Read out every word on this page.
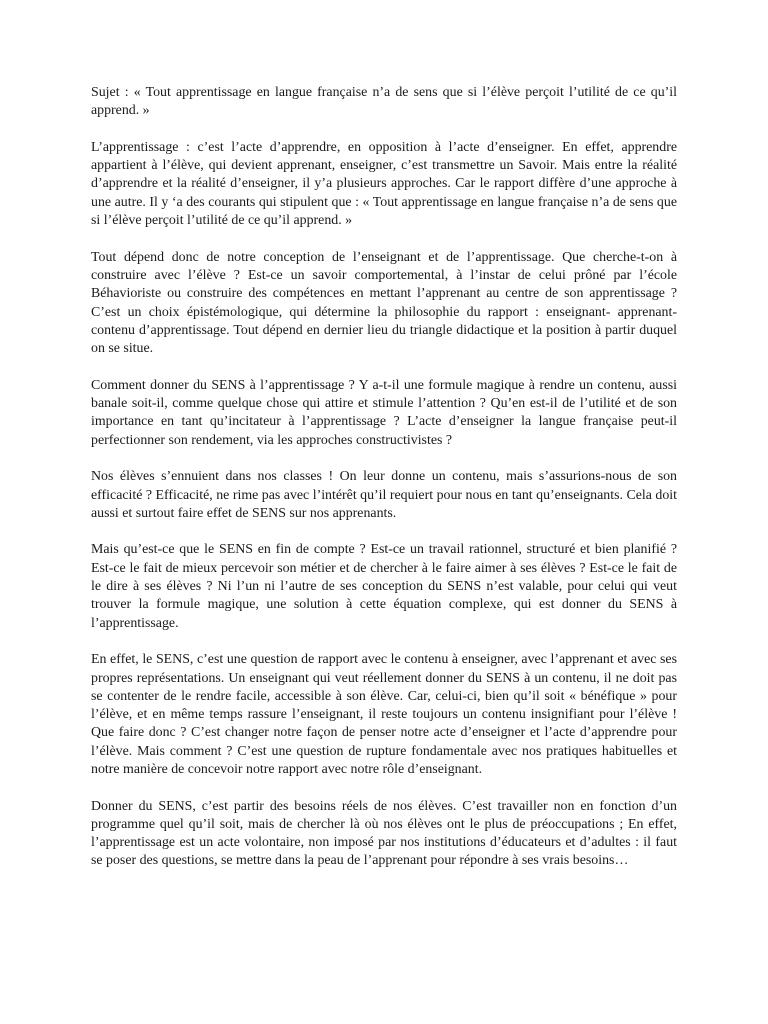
Sujet : « Tout apprentissage en langue française n’a de sens que si l’élève perçoit l’utilité de ce qu’il apprend. »

L’apprentissage : c’est l’acte d’apprendre, en opposition à l’acte d’enseigner. En effet, apprendre appartient à l’élève, qui devient apprenant, enseigner, c’est transmettre un Savoir. Mais entre la réalité d’apprendre et la réalité d’enseigner, il y’a plusieurs approches. Car le rapport diffère d’une approche à une autre. Il y ‘a des courants qui stipulent que : « Tout apprentissage en langue française n’a de sens que si l’élève perçoit l’utilité de ce qu’il apprend. »

Tout dépend donc de notre conception de l’enseignant et de l’apprentissage. Que cherche-t-on à construire avec l’élève ? Est-ce un savoir comportemental, à l’instar de celui prôné par l’école Béhavioriste ou construire des compétences en mettant l’apprenant au centre de son apprentissage ? C’est un choix épistémologique, qui détermine la philosophie du rapport : enseignant- apprenant- contenu d’apprentissage. Tout dépend en dernier lieu du triangle didactique et la position à partir duquel on se situe.

Comment donner du SENS à l’apprentissage ? Y a-t-il une formule magique à rendre un contenu, aussi banale soit-il, comme quelque chose qui attire et stimule l’attention ? Qu’en est-il de l’utilité et de son importance en tant qu’incitateur à l’apprentissage ? L’acte d’enseigner la langue française peut-il perfectionner son rendement, via les approches constructivistes ?

Nos élèves s’ennuient dans nos classes ! On leur donne un contenu, mais s’assurions-nous de son efficacité ? Efficacité, ne rime pas avec l’intérêt qu’il requiert pour nous en tant qu’enseignants. Cela doit aussi et surtout faire effet de SENS sur nos apprenants.

Mais qu’est-ce que le SENS en fin de compte ? Est-ce un travail rationnel, structuré et bien planifié ? Est-ce le fait de mieux percevoir son métier et de chercher à le faire aimer à ses élèves ? Est-ce le fait de le dire à ses élèves ? Ni l’un ni l’autre de ses conception du SENS n’est valable, pour celui qui veut trouver la formule magique, une solution à cette équation complexe, qui est donner du SENS à l’apprentissage.

En effet, le SENS, c’est une question de rapport avec le contenu à enseigner, avec l’apprenant et avec ses propres représentations. Un enseignant qui veut réellement donner du SENS à un contenu, il ne doit pas se contenter de le rendre facile, accessible à son élève. Car, celui-ci, bien qu’il soit « bénéfique » pour l’élève, et en même temps rassure l’enseignant, il reste toujours un contenu insignifiant pour l’élève ! Que faire donc ? C’est changer notre façon de penser notre acte d’enseigner et l’acte d’apprendre pour l’élève. Mais comment ? C’est une question de rupture fondamentale avec nos pratiques habituelles et notre manière de concevoir notre rapport avec notre rôle d’enseignant.

Donner du SENS, c’est partir des besoins réels de nos élèves. C’est travailler non en fonction d’un programme quel qu’il soit, mais de chercher là où nos élèves ont le plus de préoccupations ; En effet, l’apprentissage est un acte volontaire, non imposé par nos institutions d’éducateurs et d’adultes : il faut se poser des questions, se mettre dans la peau de l’apprenant pour répondre à ses vrais besoins…
